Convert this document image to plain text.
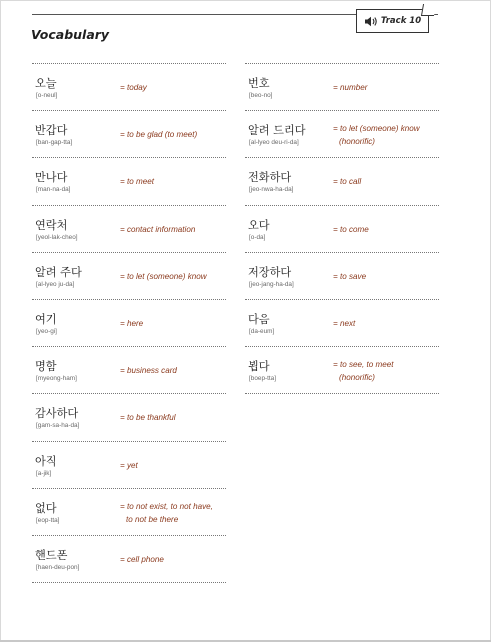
Track 10
Vocabulary
오늘
[o-neul]
= today
반갑다
[ban-gap-tta]
= to be glad (to meet)
만나다
[man-na-da]
= to meet
연락처
[yeol-lak-cheo]
= contact information
알려 주다
[al-lyeo ju-da]
= to let (someone) know
여기
[yeo-gi]
= here
명함
[myeong-ham]
= business card
감사하다
[gam-sa-ha-da]
= to be thankful
아직
[a-jik]
= yet
없다
[eop-tta]
= to not exist, to not have,
to not be there
핸드폰
[haen-deu-pon]
= cell phone
번호
[beo-no]
= number
알려 드리다
[al-lyeo deu-ri-da]
= to let (someone) know
(honorific)
전화하다
[jeo-nwa-ha-da]
= to call
오다
[o-da]
= to come
저장하다
[jeo-jang-ha-da]
= to save
다음
[da-eum]
= next
뵙다
[boep-tta]
= to see, to meet
(honorific)
